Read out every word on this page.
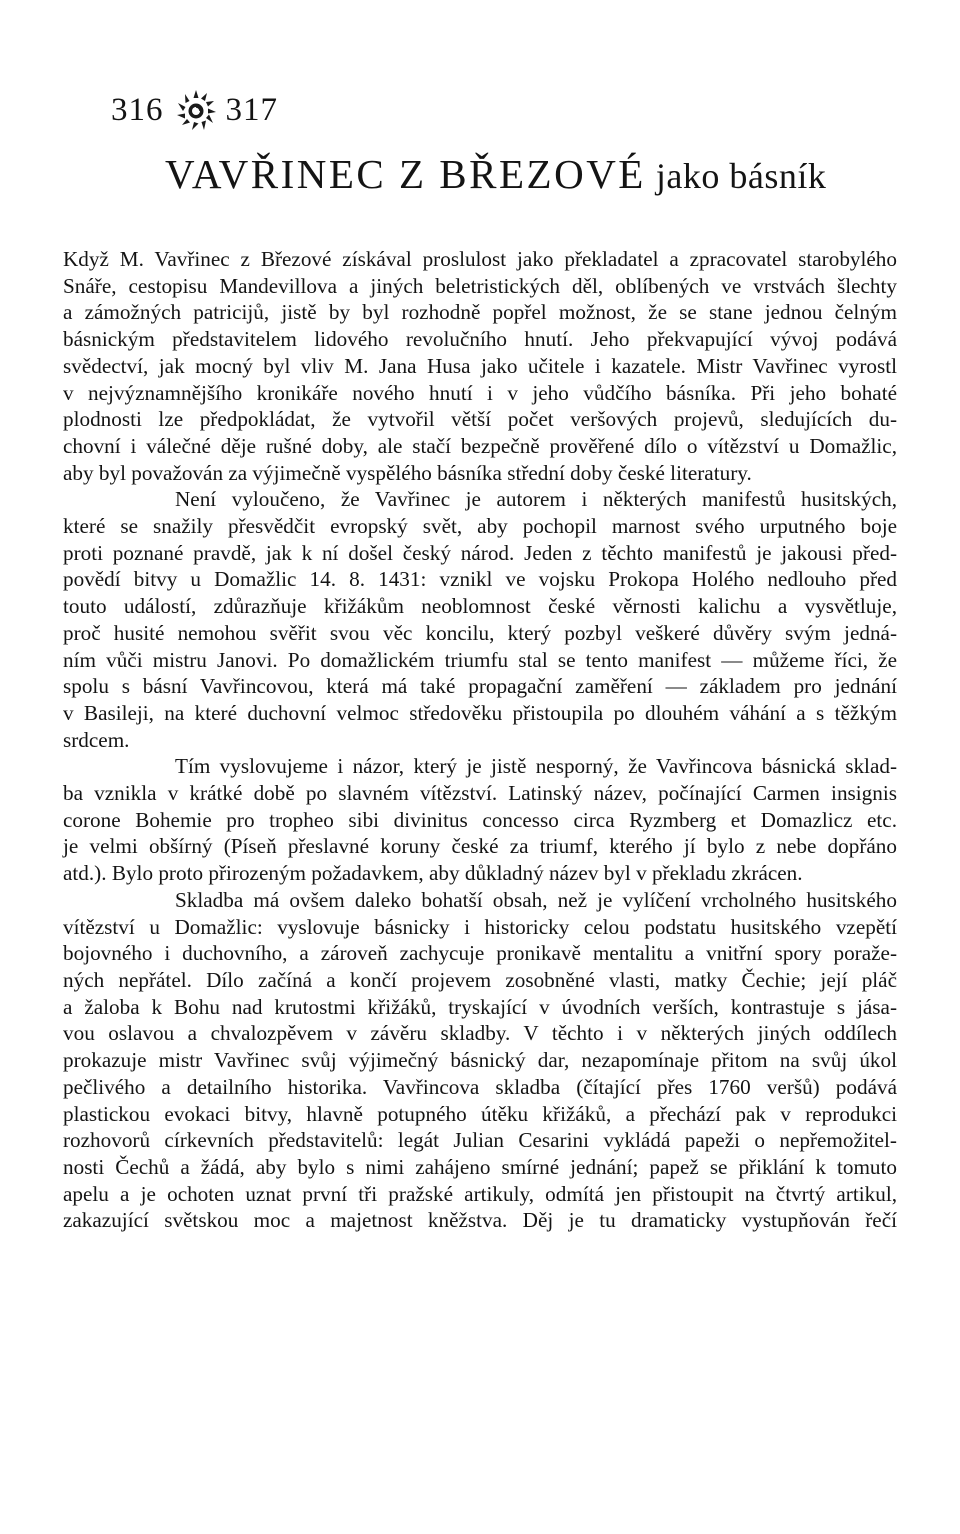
316 317
VAVŘINEC Z BŘEZOVÉ jako básník

Když M. Vavřinec z Březové získával proslulost jako překladatel a zpracovatel starobylého
Snáře, cestopisu Mandevillova a jiných beletristických děl, oblíbených ve vrstvách šlechty
a zámožných patriciјů, jistě by byl rozhodně popřel možnost, že se stane jednou čelným
básnickým představitelem lidového revolučního hnutí. Jeho překvapující vývoj podává
svědectví, jak mocný byl vliv M. Jana Husa jako učitele i kazatele. Mistr Vavřinec vyrostl
v nejvýznamnějšího kronikáře nového hnutí i v jeho vůdčího básníka. Při jeho bohaté
plodnosti lze předpokládat, že vytvořil větší počet veršových projevů, sledujících du-
chovní i válečné děje rušné doby, ale stačí bezpečně prověřené dílo o vítězství u Domažlic,
aby byl považován za výjimečně vyspělého básníka střední doby české literatury.

Není vyloučeno, že Vavřinec je autorem i některých manifestů husitských,
které se snažily přesvědčit evropský svět, aby pochopil marnost svého urputného boje
proti poznané pravdě, jak k ní došel český národ. Jeden z těchto manifestů je jakousi před-
povědí bitvy u Domažlic 14. 8. 1431: vznikl ve vojsku Prokopa Holého nedlouho před
touto událostí, zdůrazňuje křižákům neoblomnost české věrnosti kalichu a vysvětluje,
proč husité nemohou svěřit svou věc koncilu, který pozbyl veškeré důvěry svým jedná-
ním vůči mistru Janovi. Po domažlickém triumfu stal se tento manifest — můžeme říci, že
spolu s básní Vavřincovou, která má také propagační zaměření — základem pro jednání
v Basileji, na které duchovní velmoc středověku přistoupila po dlouhém váhání a s těžkým
srdcem.

Tím vyslovujeme i názor, který je jistě nesporný, že Vavřincova básnická sklad-
ba vznikla v krátké době po slavném vítězství. Latinský název, počínající Carmen insignis
corone Bohemie pro tropheo sibi divinitus concesso circa Ryzmberg et Domazlicz etc.
je velmi obšírný (Píseň přeslavné koruny české za triumf, kterého jí bylo z nebe dopřáno
atd.). Bylo proto přirozeným požadavkem, aby důkladný název byl v překladu zkrácen.

Skladba má ovšem daleko bohatší obsah, než je vylíčení vrcholného husitského
vítězství u Domažlic: vyslovuje básnicky i historicky celou podstatu husitského vzepětí
bojovného i duchovního, a zároveň zachycuje pronikavě mentalitu a vnitřní spory poraže-
ných nepřátel. Dílo začíná a končí projevem zosobněné vlasti, matky Čechie; její pláč
a žaloba k Bohu nad krutostmi křižáků, tryskající v úvodních verších, kontrastuje s jása-
vou oslavou a chvalozpěvem v závěru skladby. V těchto i v některých jiných oddílech
prokazuje mistr Vavřinec svůj výjimečný básnický dar, nezapomínaje přitom na svůj úkol
pečlivého a detailního historika. Vavřincova skladba (čítající přes 1760 veršů) podává
plastickou evokaci bitvy, hlavně potupného útěku křižáků, a přechází pak v reprodukci
rozhovorů církevních představitelů: legát Julian Cesarini vykládá papeži o nepřemožitel-
nosti Čechů a žádá, aby bylo s nimi zahájeno smírné jednání; papež se přiklání k tomuto
apelu a je ochoten uznat první tři pražské artikuly, odmítá jen přistoupit na čtvrtý artikul,
zakazující světskou moc a majetnost kněžstva. Děj je tu dramaticky vystupňován řečí
